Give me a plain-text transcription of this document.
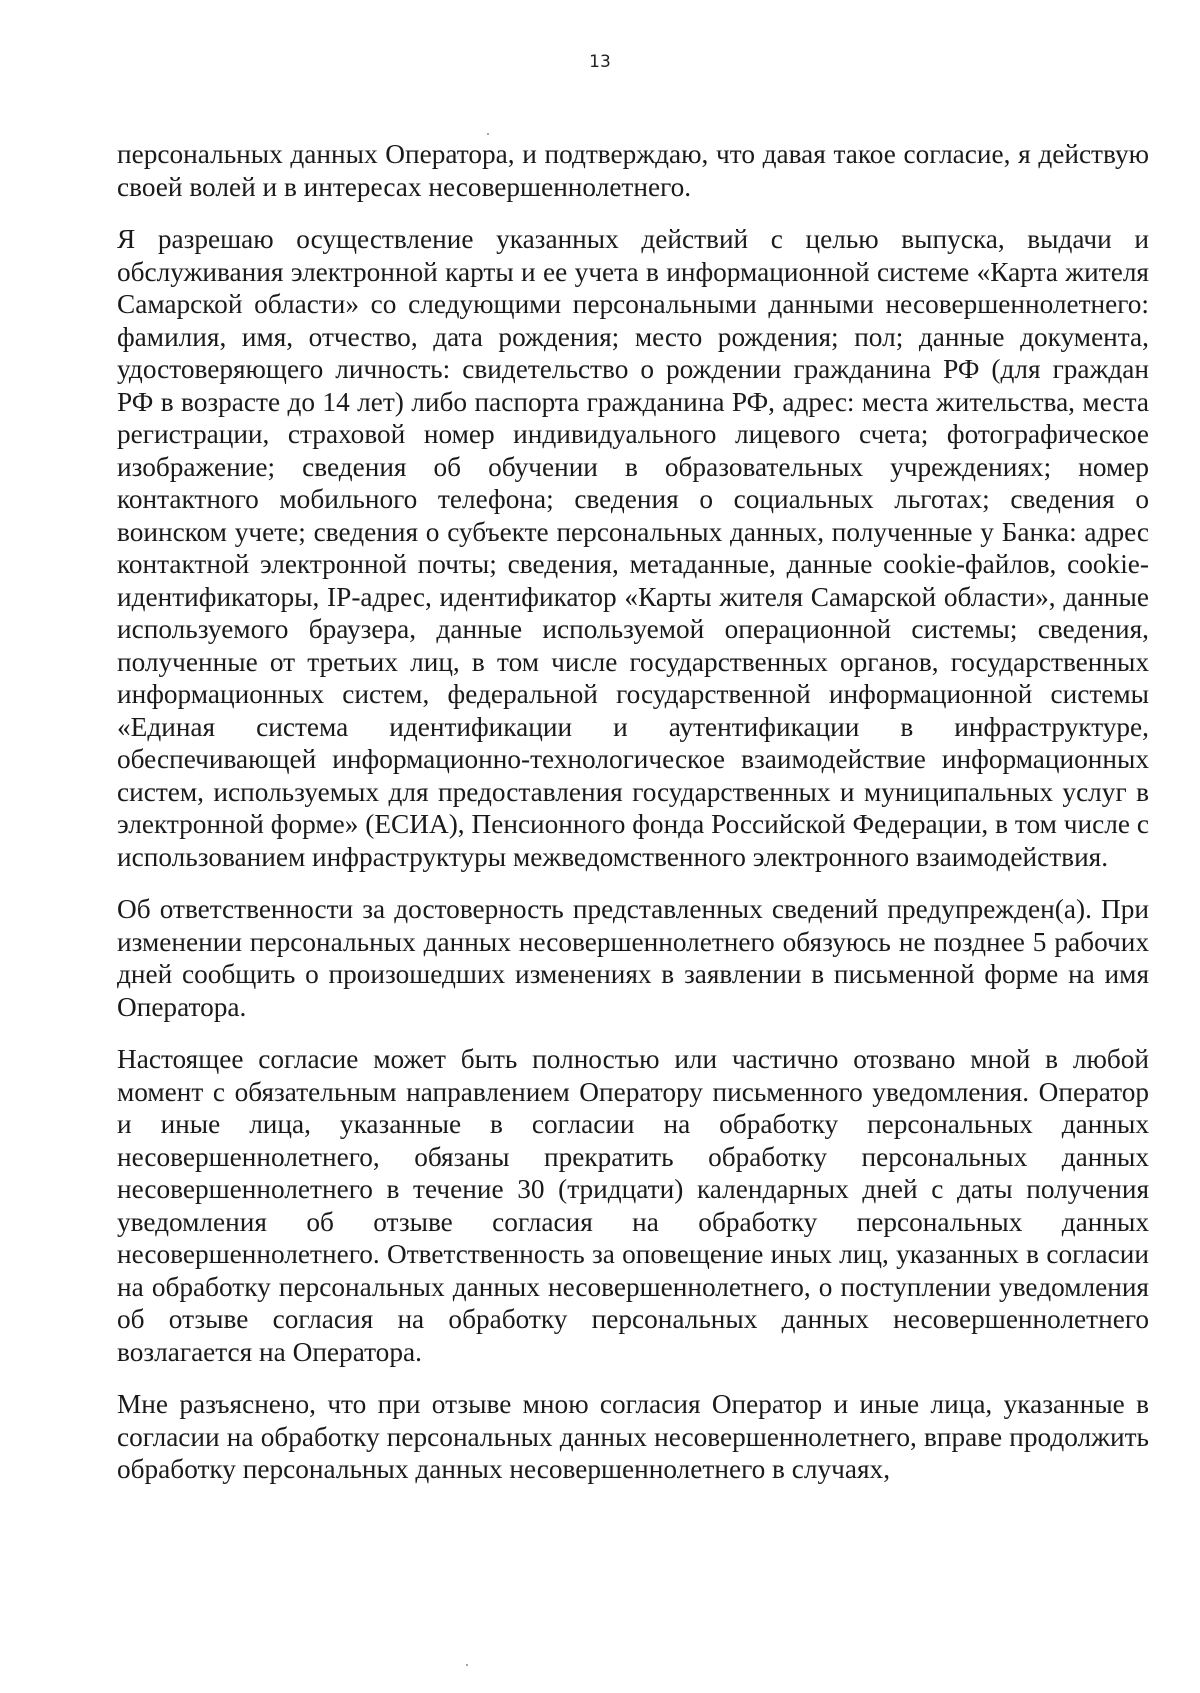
13

персональных данных Оператора, и подтверждаю, что давая такое согласие, я действую своей волей и в интересах несовершеннолетнего.

Я разрешаю осуществление указанных действий с целью выпуска, выдачи и обслуживания электронной карты и ее учета в информационной системе «Карта жителя Самарской области» со следующими персональными данными несовершеннолетнего: фамилия, имя, отчество, дата рождения; место рождения; пол; данные документа, удостоверяющего личность: свидетельство о рождении гражданина РФ (для граждан РФ в возрасте до 14 лет) либо паспорта гражданина РФ, адрес: места жительства, места регистрации, страховой номер индивидуального лицевого счета; фотографическое изображение; сведения об обучении в образовательных учреждениях; номер контактного мобильного телефона; сведения о социальных льготах; сведения о воинском учете; сведения о субъекте персональных данных, полученные у Банка: адрес контактной электронной почты; сведения, метаданные, данные cookie-файлов, cookie-идентификаторы, IP-адрес, идентификатор «Карты жителя Самарской области», данные используемого браузера, данные используемой операционной системы; сведения, полученные от третьих лиц, в том числе государственных органов, государственных информационных систем, федеральной государственной информационной системы «Единая система идентификации и аутентификации в инфраструктуре, обеспечивающей информационно-технологическое взаимодействие информационных систем, используемых для предоставления государственных и муниципальных услуг в электронной форме» (ЕСИА), Пенсионного фонда Российской Федерации, в том числе с использованием инфраструктуры межведомственного электронного взаимодействия.

Об ответственности за достоверность представленных сведений предупрежден(а). При изменении персональных данных несовершеннолетнего обязуюсь не позднее 5 рабочих дней сообщить о произошедших изменениях в заявлении в письменной форме на имя Оператора.

Настоящее согласие может быть полностью или частично отозвано мной в любой момент с обязательным направлением Оператору письменного уведомления. Оператор и иные лица, указанные в согласии на обработку персональных данных несовершеннолетнего, обязаны прекратить обработку персональных данных несовершеннолетнего в течение 30 (тридцати) календарных дней с даты получения уведомления об отзыве согласия на обработку персональных данных несовершеннолетнего. Ответственность за оповещение иных лиц, указанных в согласии на обработку персональных данных несовершеннолетнего, о поступлении уведомления об отзыве согласия на обработку персональных данных несовершеннолетнего возлагается на Оператора.

Мне разъяснено, что при отзыве мною согласия Оператор и иные лица, указанные в согласии на обработку персональных данных несовершеннолетнего, вправе продолжить обработку персональных данных несовершеннолетнего в случаях,
